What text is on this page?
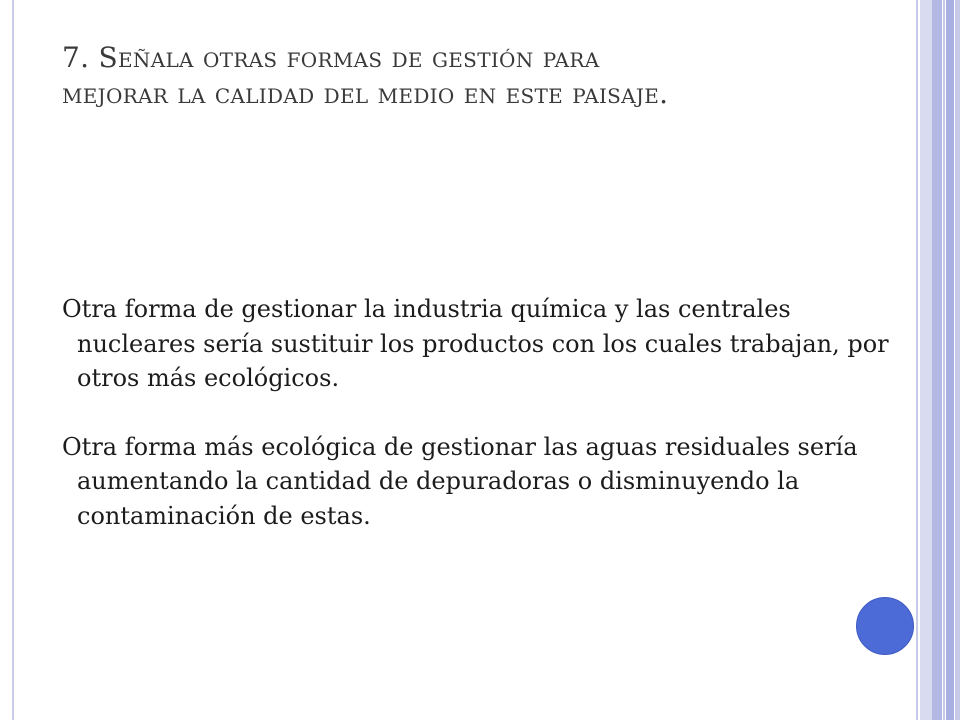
7. Señala otras formas de gestión para
mejorar la calidad del medio en este paisaje.

Otra forma de gestionar la industria química y las centrales nucleares sería sustituir los productos con los cuales trabajan, por otros más ecológicos.

Otra forma más ecológica de gestionar las aguas residuales sería aumentando la cantidad de depuradoras o disminuyendo la contaminación de estas.
